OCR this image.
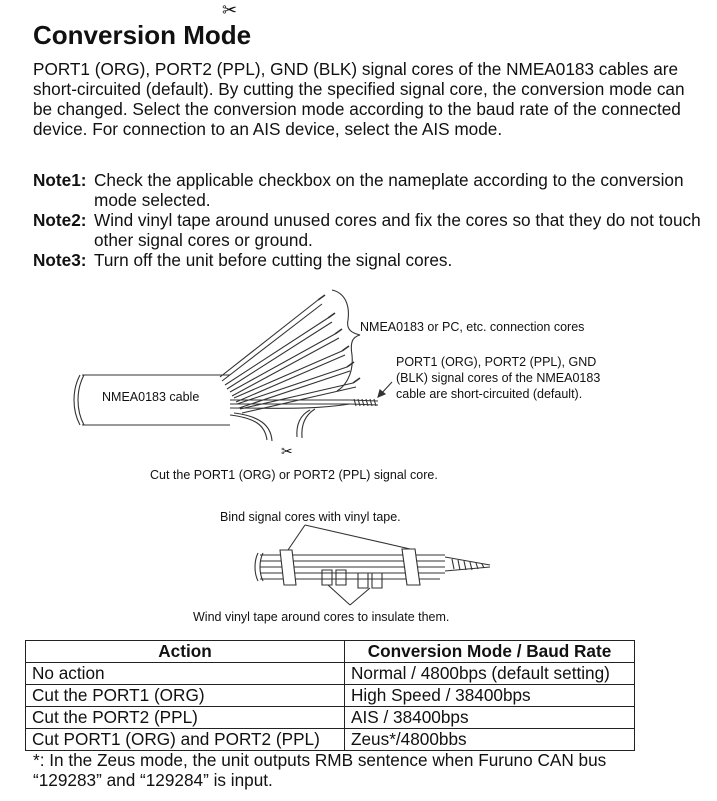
✂
Conversion Mode

PORT1 (ORG), PORT2 (PPL), GND (BLK) signal cores of the NMEA0183 cables are short-circuited (default). By cutting the specified signal core, the conversion mode can be changed. Select the conversion mode according to the baud rate of the connected device. For connection to an AIS device, select the AIS mode.

Note1: Check the applicable checkbox on the nameplate according to the conversion mode selected.
Note2: Wind vinyl tape around unused cores and fix the cores so that they do not touch other signal cores or ground.
Note3: Turn off the unit before cutting the signal cores.
NMEA0183 or PC, etc. connection cores
PORT1 (ORG), PORT2 (PPL), GND
(BLK) signal cores of the NMEA0183
cable are short-circuited (default).
NMEA0183 cable
✂
Cut the PORT1 (ORG) or PORT2 (PPL) signal core.
Bind signal cores with vinyl tape.
Wind vinyl tape around cores to insulate them.
Action	Conversion Mode / Baud Rate
No action	Normal / 4800bps (default setting)
Cut the PORT1 (ORG)	High Speed / 38400bps
Cut the PORT2 (PPL)	AIS / 38400bps
Cut PORT1 (ORG) and PORT2 (PPL)	Zeus*/4800bbs
*: In the Zeus mode, the unit outputs RMB sentence when Furuno CAN bus
“129283” and “129284” is input.
